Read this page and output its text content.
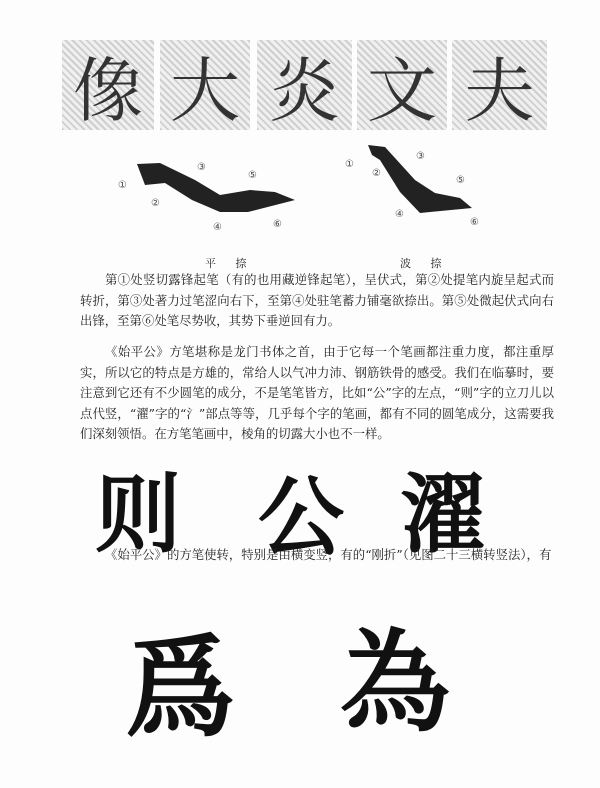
像 大 炎 文 夫
①
②
③
④
⑤
⑥
①
②
③
④
⑤
⑥
平 捺	波 捺

第①处竖切露锋起笔（有的也用藏逆锋起笔），呈伏式，第②处提笔内旋呈起式而转折，第③处著力过笔涩向右下，至第④处驻笔蓄力铺毫欲捺出。第⑤处微起伏式向右出锋，至第⑥处笔尽势收，其势下垂逆回有力。

《始平公》方笔堪称是龙门书体之首，由于它每一个笔画都注重力度，都注重厚实，所以它的特点是方雄的，常给人以气冲力沛、钢筋铁骨的感受。我们在临摹时，要注意到它还有不少圆笔的成分，不是笔笔皆方，比如“公”字的左点，“则”字的立刀儿以点代竖，“濯”字的“氵”部点等等，几乎每个字的笔画，都有不同的圆笔成分，这需要我们深刻领悟。在方笔笔画中，棱角的切露大小也不一样。

则 公 濯

《始平公》的方笔使转，特别是由横变竖，有的“刚折”（见图二十三横转竖法），有

爲 為
